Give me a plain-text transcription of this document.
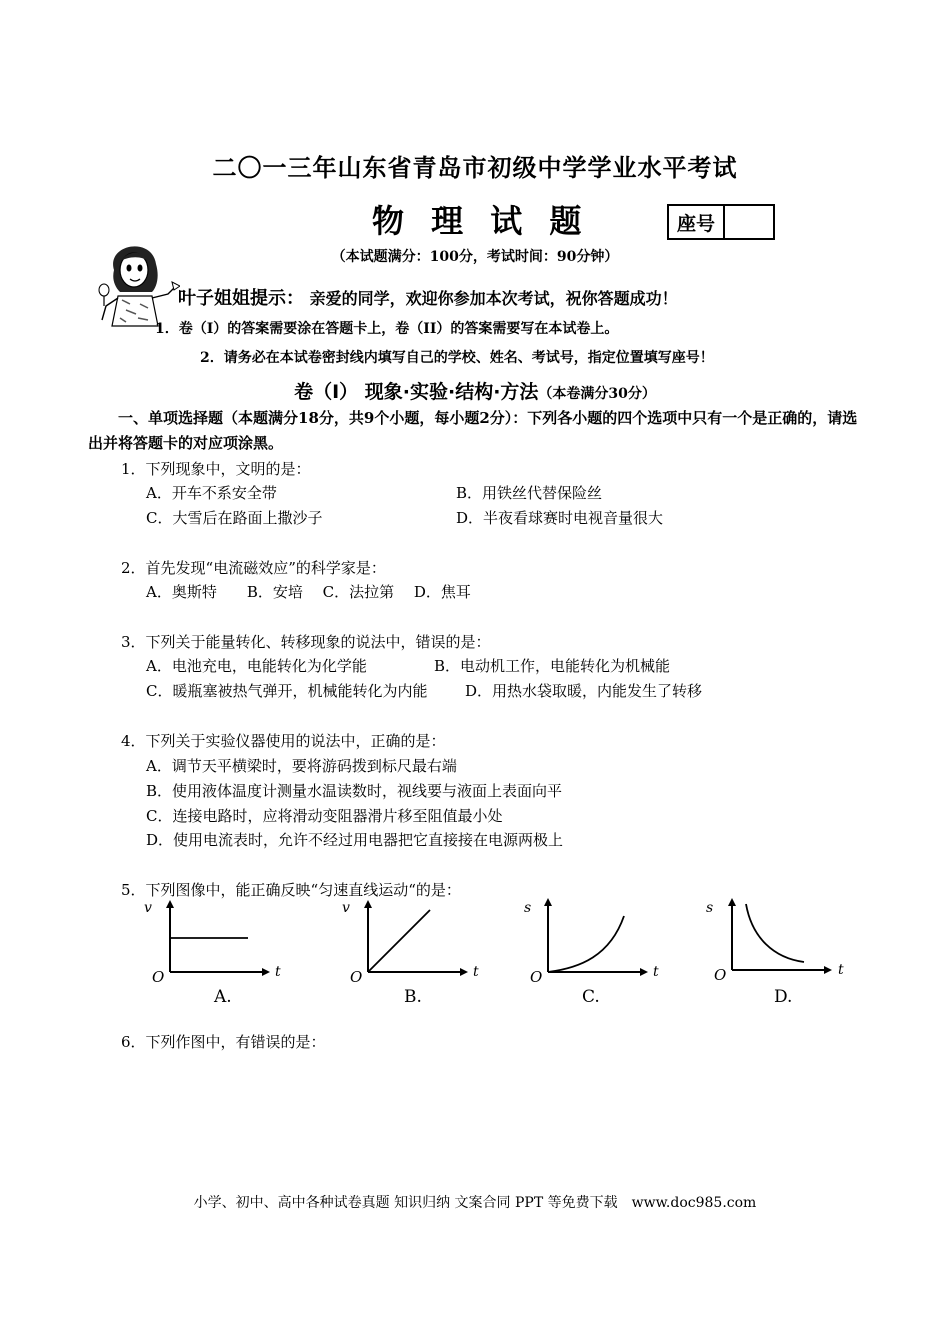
二〇一三年山东省青岛市初级中学学业水平考试
物 理 试 题	座号
（本试题满分：100分，考试时间：90分钟）
叶子姐姐提示： 亲爱的同学，欢迎你参加本次考试，祝你答题成功！
1．卷（I）的答案需要涂在答题卡上，卷（II）的答案需要写在本试卷上。
2．请务必在本试卷密封线内填写自己的学校、姓名、考试号，指定位置填写座号！
卷（I） 现象·实验·结构·方法（本卷满分30分）
一、单项选择题（本题满分18分，共9个小题，每小题2分）：下列各小题的四个选项中只有一个是正确的，请选出并将答题卡的对应项涂黑。
1．下列现象中，文明的是：
A．开车不系安全带	B．用铁丝代替保险丝
C．大雪后在路面上撒沙子	D．半夜看球赛时电视音量很大
2．首先发现“电流磁效应”的科学家是：
A．奥斯特　　B．安培　 C．法拉第　 D．焦耳
3．下列关于能量转化、转移现象的说法中，错误的是：
A．电池充电，电能转化为化学能	B．电动机工作，电能转化为机械能
C．暖瓶塞被热气弹开，机械能转化为内能	D．用热水袋取暖，内能发生了转移
4．下列关于实验仪器使用的说法中，正确的是：
A．调节天平横梁时，要将游码拨到标尺最右端
B．使用液体温度计测量水温读数时，视线要与液面上表面向平
C．连接电路时，应将滑动变阻器滑片移至阻值最小处
D．使用电流表时，允许不经过用电器把它直接接在电源两极上
5．下列图像中，能正确反映“匀速直线运动“的是：
v
t
O
A.
v
t
O
B.
s
t
O
C.
s
t
O
D.
6．下列作图中，有错误的是：
小学、初中、高中各种试卷真题 知识归纳 文案合同 PPT 等免费下载　www.doc985.com
